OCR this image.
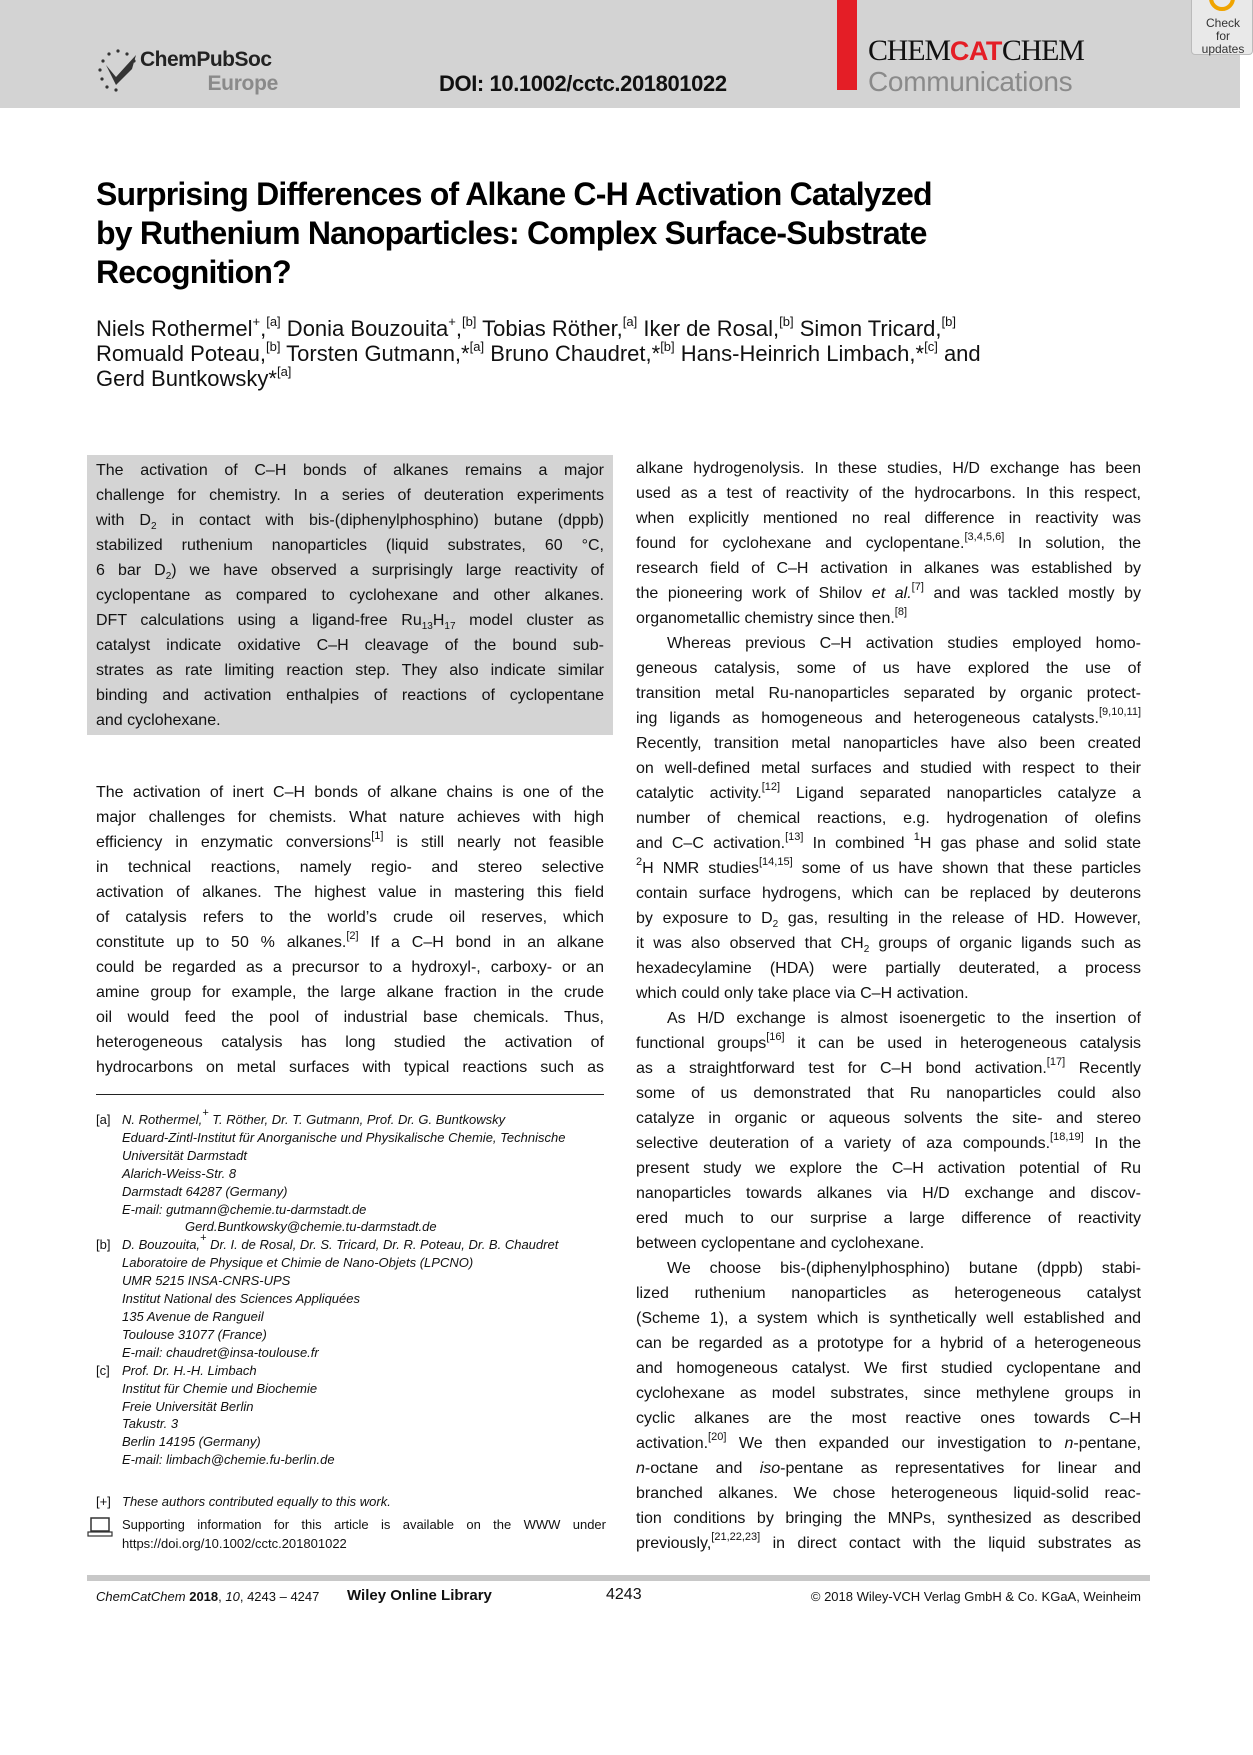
ChemPubSoc
Europe	DOI: 10.1002/cctc.201801022
CHEMCATCHEM
Communications
Check for updates
Surprising Differences of Alkane C-H Activation Catalyzed
by Ruthenium Nanoparticles: Complex Surface-Substrate
Recognition?
Niels Rothermel+,[a] Donia Bouzouita+,[b] Tobias Röther,[a] Iker de Rosal,[b] Simon Tricard,[b]
Romuald Poteau,[b] Torsten Gutmann,*[a] Bruno Chaudret,*[b] Hans-Heinrich Limbach,*[c] and
Gerd Buntkowsky*[a]
The activation of C–H bonds of alkanes remains a major
challenge for chemistry. In a series of deuteration experiments
with $D_2$ in contact with bis-(diphenylphosphino) butane (dppb)
stabilized ruthenium nanoparticles (liquid substrates, 60 °C,
6 bar $D_2$) we have observed a surprisingly large reactivity of
cyclopentane as compared to cyclohexane and other alkanes.
DFT calculations using a ligand-free $Ru_{13}H_{17}$ model cluster as
catalyst indicate oxidative C–H cleavage of the bound sub-
strates as rate limiting reaction step. They also indicate similar
binding and activation enthalpies of reactions of cyclopentane
and cyclohexane.
The activation of inert C–H bonds of alkane chains is one of the
major challenges for chemists. What nature achieves with high
efficiency in enzymatic conversions[1] is still nearly not feasible
in technical reactions, namely regio- and stereo selective
activation of alkanes. The highest value in mastering this field
of catalysis refers to the world’s crude oil reserves, which
constitute up to 50 % alkanes.[2] If a C–H bond in an alkane
could be regarded as a precursor to a hydroxyl-, carboxy- or an
amine group for example, the large alkane fraction in the crude
oil would feed the pool of industrial base chemicals. Thus,
heterogeneous catalysis has long studied the activation of
hydrocarbons on metal surfaces with typical reactions such as
[a] N. Rothermel,+ T. Röther, Dr. T. Gutmann, Prof. Dr. G. Buntkowsky
Eduard-Zintl-Institut für Anorganische und Physikalische Chemie, Technische
Universität Darmstadt
Alarich-Weiss-Str. 8
Darmstadt 64287 (Germany)
E-mail: gutmann@chemie.tu-darmstadt.de
Gerd.Buntkowsky@chemie.tu-darmstadt.de
[b] D. Bouzouita,+ Dr. I. de Rosal, Dr. S. Tricard, Dr. R. Poteau, Dr. B. Chaudret
Laboratoire de Physique et Chimie de Nano-Objets (LPCNO)
UMR 5215 INSA-CNRS-UPS
Institut National des Sciences Appliquées
135 Avenue de Rangueil
Toulouse 31077 (France)
E-mail: chaudret@insa-toulouse.fr
[c] Prof. Dr. H.-H. Limbach
Institut für Chemie und Biochemie
Freie Universität Berlin
Takustr. 3
Berlin 14195 (Germany)
E-mail: limbach@chemie.fu-berlin.de
[+] These authors contributed equally to this work.
Supporting information for this article is available on the WWW under
https://doi.org/10.1002/cctc.201801022
alkane hydrogenolysis. In these studies, H/D exchange has been
used as a test of reactivity of the hydrocarbons. In this respect,
when explicitly mentioned no real difference in reactivity was
found for cyclohexane and cyclopentane.[3,4,5,6] In solution, the
research field of C–H activation in alkanes was established by
the pioneering work of Shilov et al.[7] and was tackled mostly by
organometallic chemistry since then.[8]
Whereas previous C–H activation studies employed homo-
geneous catalysis, some of us have explored the use of
transition metal Ru-nanoparticles separated by organic protect-
ing ligands as homogeneous and heterogeneous catalysts.[9,10,11]
Recently, transition metal nanoparticles have also been created
on well-defined metal surfaces and studied with respect to their
catalytic activity.[12] Ligand separated nanoparticles catalyze a
number of chemical reactions, e.g. hydrogenation of olefins
and C–C activation.[13] In combined $^1$H gas phase and solid state
$^2$H NMR studies[14,15] some of us have shown that these particles
contain surface hydrogens, which can be replaced by deuterons
by exposure to $D_2$ gas, resulting in the release of HD. However,
it was also observed that $CH_2$ groups of organic ligands such as
hexadecylamine (HDA) were partially deuterated, a process
which could only take place via C–H activation.
As H/D exchange is almost isoenergetic to the insertion of
functional groups[16] it can be used in heterogeneous catalysis
as a straightforward test for C–H bond activation.[17] Recently
some of us demonstrated that Ru nanoparticles could also
catalyze in organic or aqueous solvents the site- and stereo
selective deuteration of a variety of aza compounds.[18,19] In the
present study we explore the C–H activation potential of Ru
nanoparticles towards alkanes via H/D exchange and discov-
ered much to our surprise a large difference of reactivity
between cyclopentane and cyclohexane.
We choose bis-(diphenylphosphino) butane (dppb) stabi-
lized ruthenium nanoparticles as heterogeneous catalyst
(Scheme 1), a system which is synthetically well established and
can be regarded as a prototype for a hybrid of a heterogeneous
and homogeneous catalyst. We first studied cyclopentane and
cyclohexane as model substrates, since methylene groups in
cyclic alkanes are the most reactive ones towards C–H
activation.[20] We then expanded our investigation to n-pentane,
n-octane and iso-pentane as representatives for linear and
branched alkanes. We chose heterogeneous liquid-solid reac-
tion conditions by bringing the MNPs, synthesized as described
previously,[21,22,23] in direct contact with the liquid substrates as
ChemCatChem 2018, 10, 4243 – 4247 Wiley Online Library	4243	© 2018 Wiley-VCH Verlag GmbH & Co. KGaA, Weinheim
